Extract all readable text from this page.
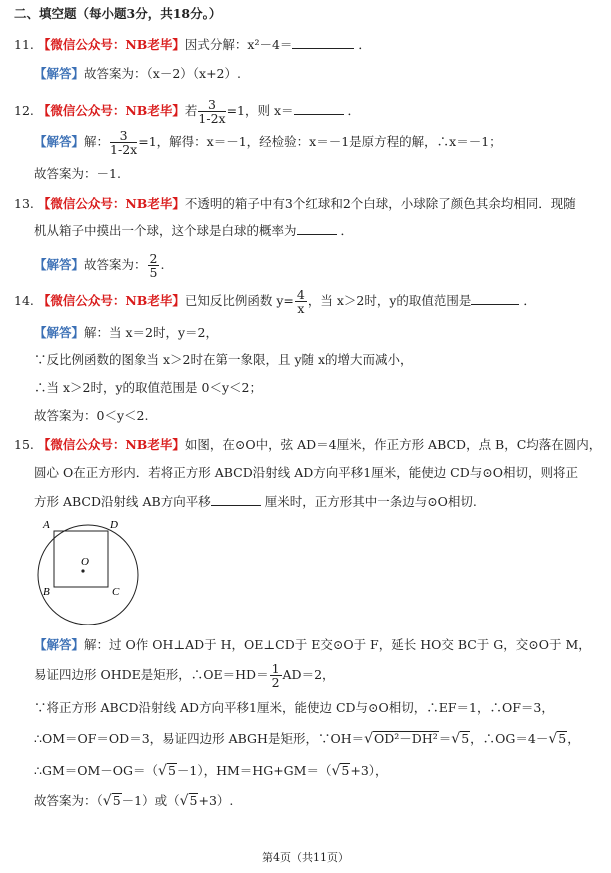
二、填空题（每小题3分，共18分。）
11. 【微信公众号：NB老毕】因式分解：x²－4＝	．
【解答】故答案为：（x－2）（x+2）.
12. 【微信公众号：NB老毕】若 $\frac{3}{1-2x} =1$，则 x＝	．
【解答】解： $\frac{3}{1-2x} =1$，解得：x＝－1，经检验：x＝－1是原方程的解，∴x＝－1；
故答案为：－1.
13. 【微信公众号：NB老毕】不透明的箱子中有3个红球和2个白球，小球除了颜色其余均相同．现随
机从箱子中摸出一个球，这个球是白球的概率为	．
【解答】故答案为： $\frac{2}{5}$ .
14. 【微信公众号：NB老毕】已知反比例函数 $y= \frac{4}{x}$ ，当 x＞2时，y的取值范围是	．
【解答】解：当 x＝2时，y＝2，
∵反比例函数的图象当 x＞2时在第一象限，且 y随 x的增大而减小，
∴当 x＞2时，y的取值范围是 0＜y＜2；
故答案为：0＜y＜2.
15. 【微信公众号：NB老毕】如图，在⊙O中，弦 AD＝4厘米，作正方形 ABCD，点 B，C均落在圆内，
圆心 O在正方形内．若将正方形 ABCD沿射线 AD方向平移1厘米，能使边 CD与⊙O相切，则将正
方形 ABCD沿射线 AB方向平移	厘米时，正方形其中一条边与⊙O相切.
A	D
B	C
O
【解答】解：过 O作 OH⊥AD于 H，OE⊥CD于 E交⊙O于 F，延长 HO交 BC于 G，交⊙O于 M，
易证四边形 OHDE是矩形，∴OE＝HD＝ $\frac{1}{2} AD=2$，
∵将正方形 ABCD沿射线 AD方向平移1厘米，能使边 CD与⊙O相切，∴EF＝1，∴OF＝3，
∴OM＝OF＝OD＝3，易证四边形 ABGH是矩形，∵OH＝√OD²－DH²＝√5，∴OG＝4－√5，
∴GM＝OM－OG＝（√5－1），HM＝HG+GM＝（√5+3），
故答案为：（√5－1）或（√5+3）.
第4页（共11页）
